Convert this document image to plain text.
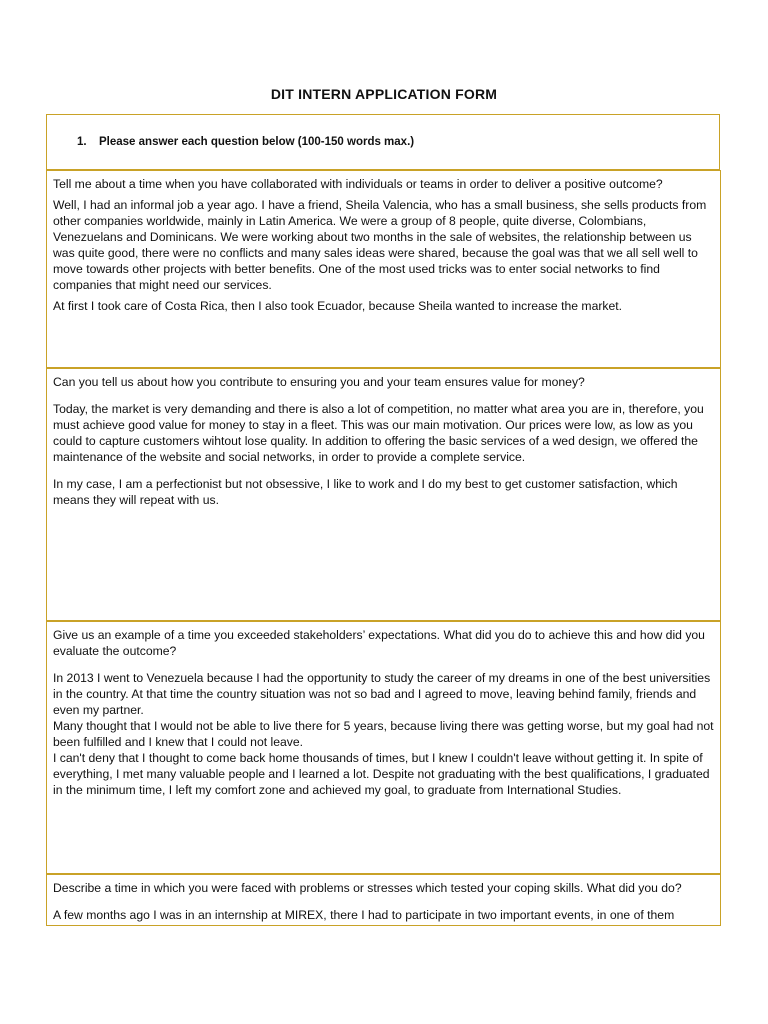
DIT INTERN APPLICATION FORM
1. Please answer each question below (100-150 words max.)

Tell me about a time when you have collaborated with individuals or teams in order to deliver a positive outcome?

Well, I had an informal job a year ago. I have a friend, Sheila Valencia, who has a small business, she sells products from other companies worldwide, mainly in Latin America. We were a group of 8 people, quite diverse, Colombians, Venezuelans and Dominicans. We were working about two months in the sale of websites, the relationship between us was quite good, there were no conflicts and many sales ideas were shared, because the goal was that we all sell well to move towards other projects with better benefits. One of the most used tricks was to enter social networks to find companies that might need our services.

At first I took care of Costa Rica, then I also took Ecuador, because Sheila wanted to increase the market.

Can you tell us about how you contribute to ensuring you and your team ensures value for money?

Today, the market is very demanding and there is also a lot of competition, no matter what area you are in, therefore, you must achieve good value for money to stay in a fleet. This was our main motivation. Our prices were low, as low as you could to capture customers wihtout lose quality. In addition to offering the basic services of a wed design, we offered the maintenance of the website and social networks, in order to provide a complete service.

In my case, I am a perfectionist but not obsessive, I like to work and I do my best to get customer satisfaction, which means they will repeat with us.

Give us an example of a time you exceeded stakeholders’ expectations. What did you do to achieve this and how did you evaluate the outcome?

In 2013 I went to Venezuela because I had the opportunity to study the career of my dreams in one of the best universities in the country. At that time the country situation was not so bad and I agreed to move, leaving behind family, friends and even my partner.
Many thought that I would not be able to live there for 5 years, because living there was getting worse, but my goal had not been fulfilled and I knew that I could not leave.
I can't deny that I thought to come back home thousands of times, but I knew I couldn't leave without getting it. In spite of everything, I met many valuable people and I learned a lot. Despite not graduating with the best qualifications, I graduated in the minimum time, I left my comfort zone and achieved my goal, to graduate from International Studies.

Describe a time in which you were faced with problems or stresses which tested your coping skills. What did you do?

A few months ago I was in an internship at MIREX, there I had to participate in two important events, in one of them
